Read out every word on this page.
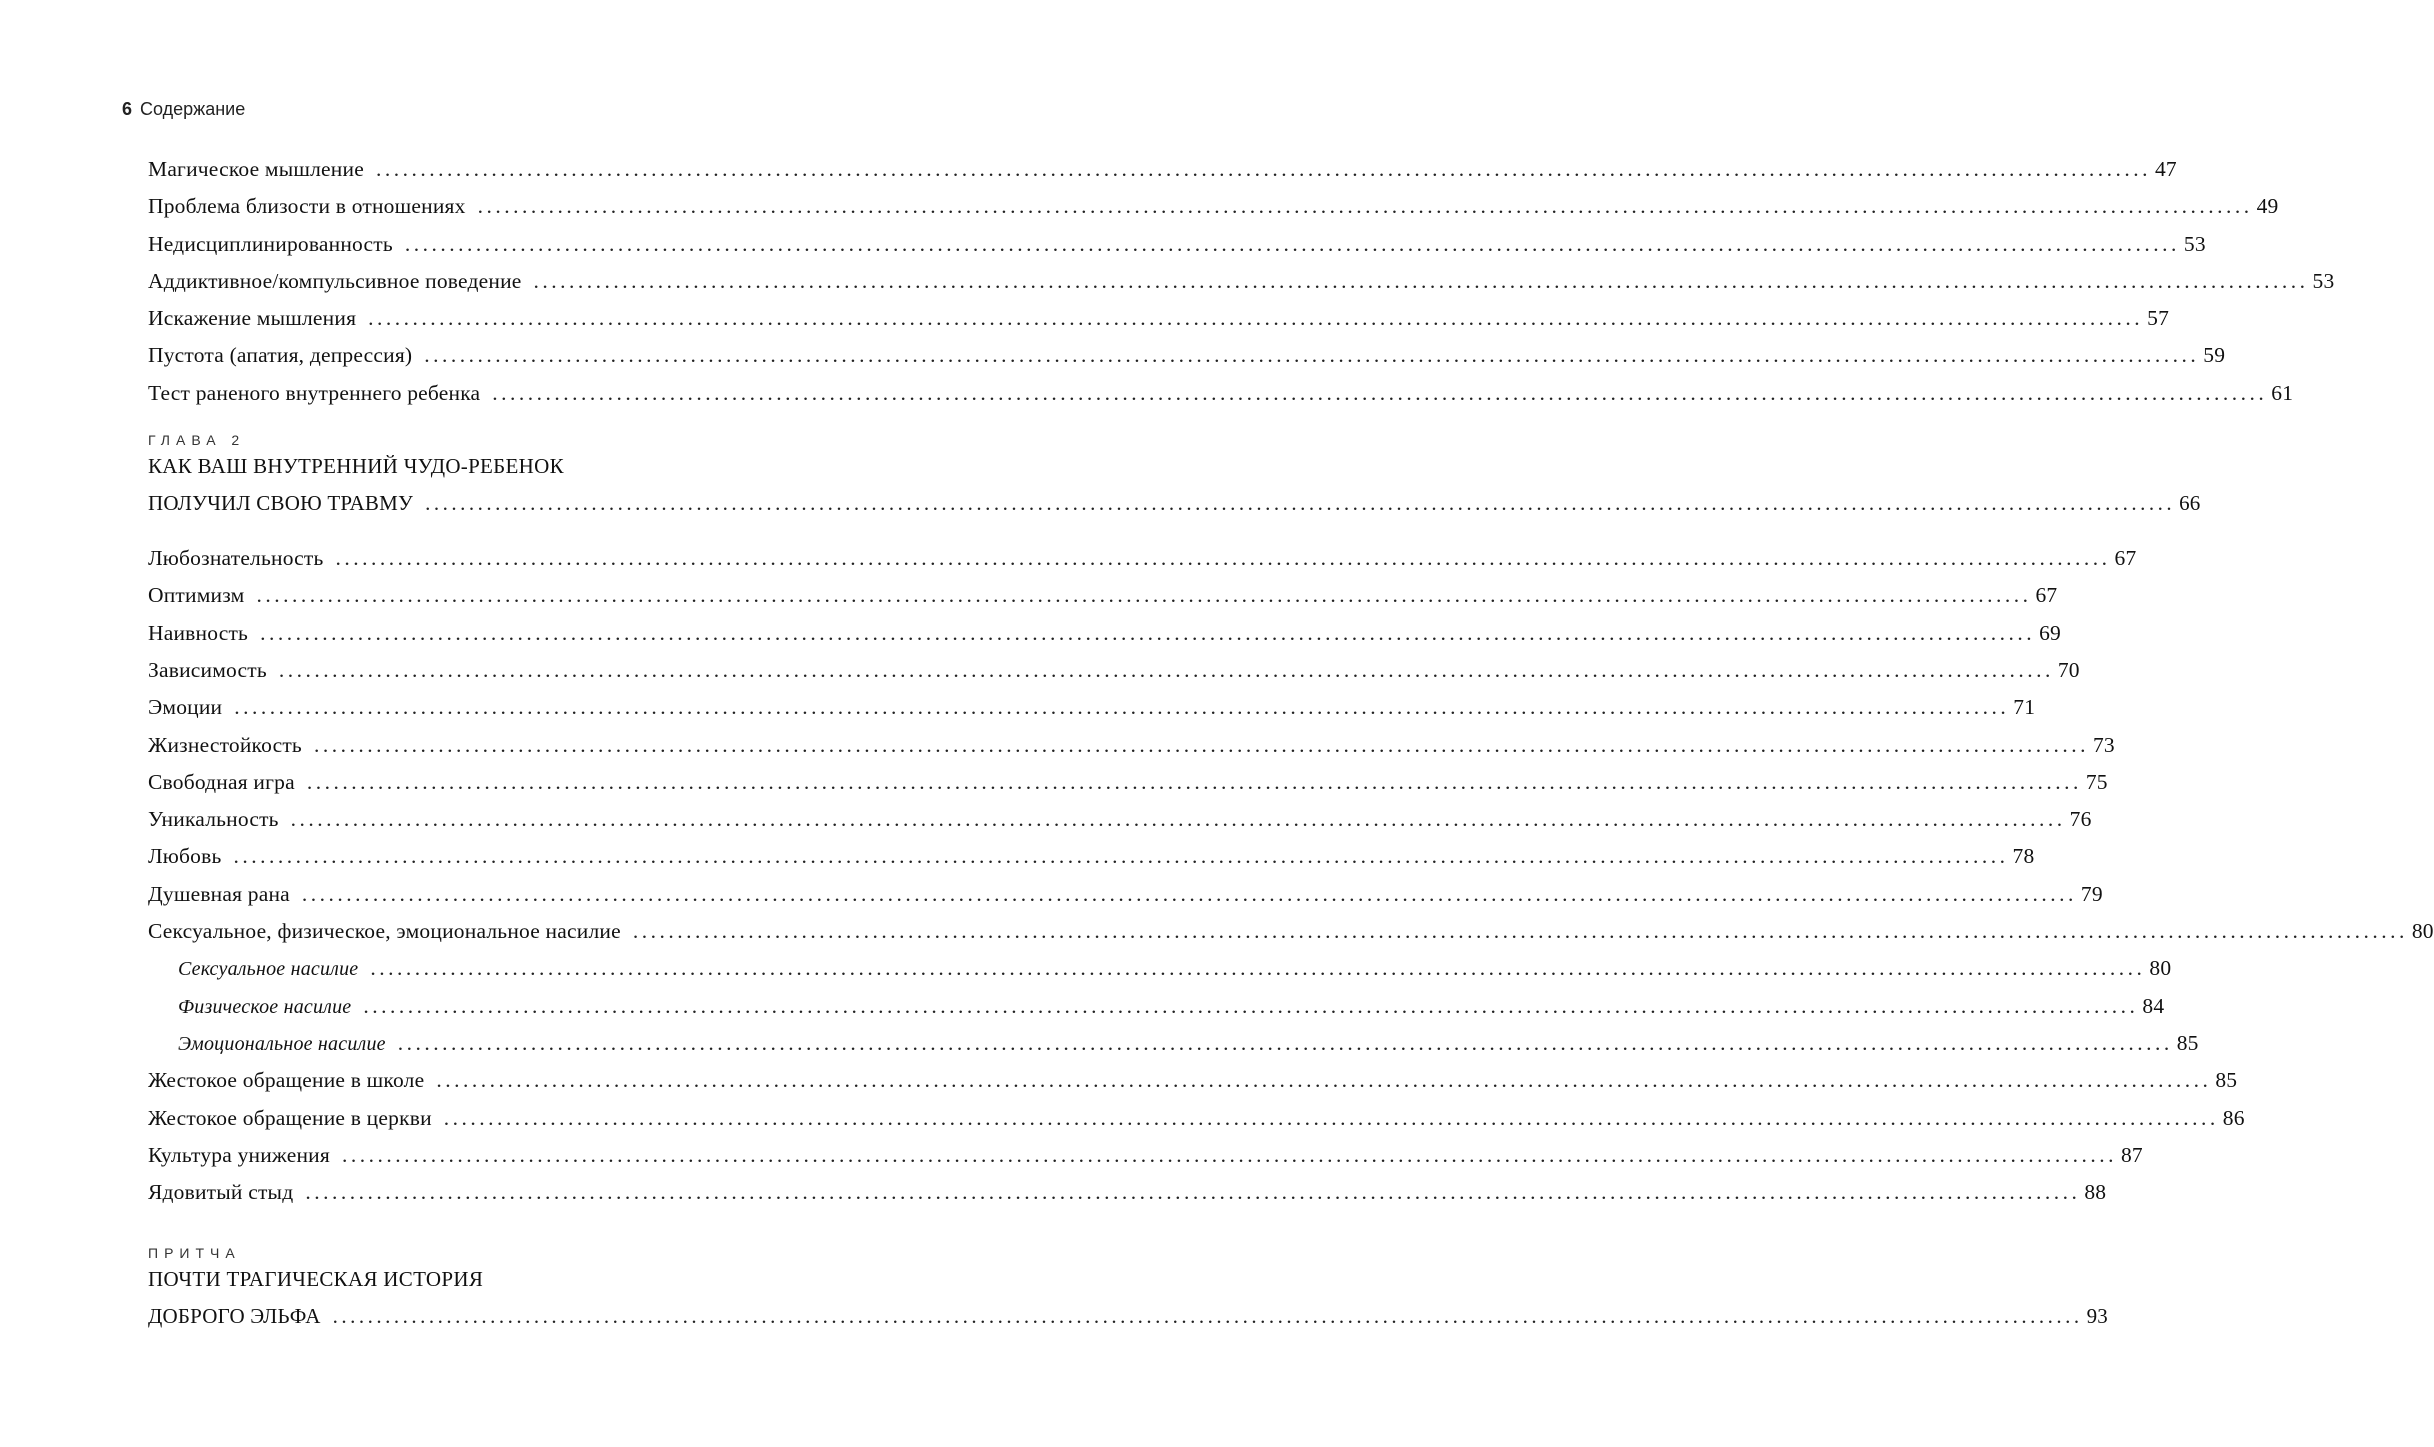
6 Содержание
Магическое мышление ........................................................................................................................................................................................................ 47
Проблема близости в отношениях ........................................................................................................................................................................................................ 49
Недисциплинированность ........................................................................................................................................................................................................ 53
Аддиктивное/компульсивное поведение ........................................................................................................................................................................................................ 53
Искажение мышления ........................................................................................................................................................................................................ 57
Пустота (апатия, депрессия) ........................................................................................................................................................................................................ 59
Тест раненого внутреннего ребенка ........................................................................................................................................................................................................ 61
ГЛАВА 2
КАК ВАШ ВНУТРЕННИЙ ЧУДО-РЕБЕНОК
ПОЛУЧИЛ СВОЮ ТРАВМУ ........................................................................................................................................................................................................ 66
Любознательность ........................................................................................................................................................................................................ 67
Оптимизм ........................................................................................................................................................................................................ 67
Наивность ........................................................................................................................................................................................................ 69
Зависимость ........................................................................................................................................................................................................ 70
Эмоции ........................................................................................................................................................................................................ 71
Жизнестойкость ........................................................................................................................................................................................................ 73
Свободная игра ........................................................................................................................................................................................................ 75
Уникальность ........................................................................................................................................................................................................ 76
Любовь ........................................................................................................................................................................................................ 78
Душевная рана ........................................................................................................................................................................................................ 79
Сексуальное, физическое, эмоциональное насилие ........................................................................................................................................................................................................ 80
Сексуальное насилие ........................................................................................................................................................................................................ 80
Физическое насилие ........................................................................................................................................................................................................ 84
Эмоциональное насилие ........................................................................................................................................................................................................ 85
Жестокое обращение в школе ........................................................................................................................................................................................................ 85
Жестокое обращение в церкви ........................................................................................................................................................................................................ 86
Культура унижения ........................................................................................................................................................................................................ 87
Ядовитый стыд ........................................................................................................................................................................................................ 88
ПРИТЧА
ПОЧТИ ТРАГИЧЕСКАЯ ИСТОРИЯ
ДОБРОГО ЭЛЬФА ........................................................................................................................................................................................................ 93
